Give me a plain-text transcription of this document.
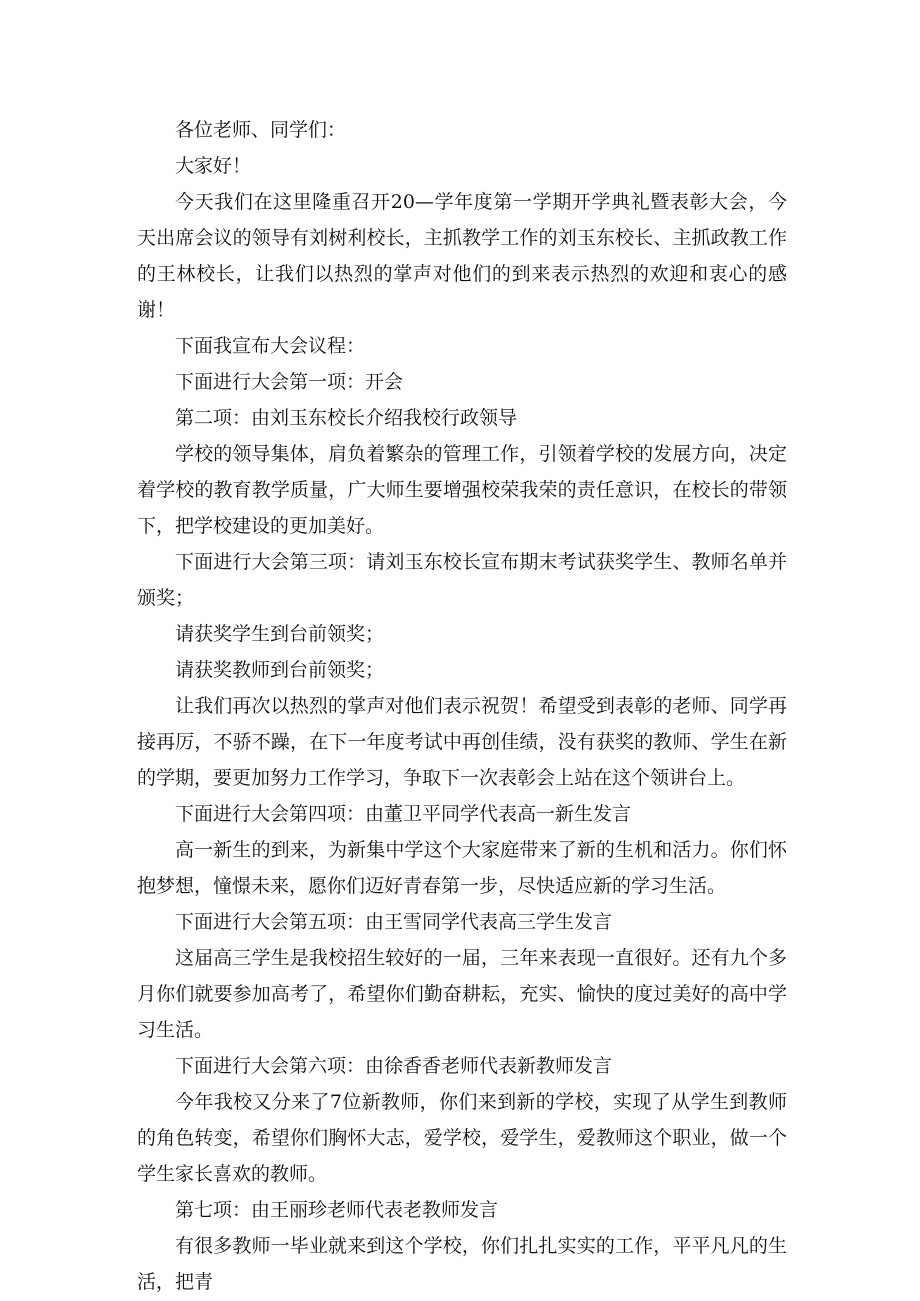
各位老师、同学们：

大家好！

今天我们在这里隆重召开20—学年度第一学期开学典礼暨表彰大会，今天出席会议的领导有刘树利校长，主抓教学工作的刘玉东校长、主抓政教工作的王林校长，让我们以热烈的掌声对他们的到来表示热烈的欢迎和衷心的感谢！

下面我宣布大会议程：

下面进行大会第一项：开会

第二项：由刘玉东校长介绍我校行政领导

学校的领导集体，肩负着繁杂的管理工作，引领着学校的发展方向，决定着学校的教育教学质量，广大师生要增强校荣我荣的责任意识，在校长的带领下，把学校建设的更加美好。

下面进行大会第三项：请刘玉东校长宣布期末考试获奖学生、教师名单并颁奖；

请获奖学生到台前领奖；

请获奖教师到台前领奖；

让我们再次以热烈的掌声对他们表示祝贺！希望受到表彰的老师、同学再接再厉，不骄不躁，在下一年度考试中再创佳绩，没有获奖的教师、学生在新的学期，要更加努力工作学习，争取下一次表彰会上站在这个领讲台上。

下面进行大会第四项：由董卫平同学代表高一新生发言

高一新生的到来，为新集中学这个大家庭带来了新的生机和活力。你们怀抱梦想，憧憬未来，愿你们迈好青春第一步，尽快适应新的学习生活。

下面进行大会第五项：由王雪同学代表高三学生发言

这届高三学生是我校招生较好的一届，三年来表现一直很好。还有九个多月你们就要参加高考了，希望你们勤奋耕耘，充实、愉快的度过美好的高中学习生活。

下面进行大会第六项：由徐香香老师代表新教师发言

今年我校又分来了7位新教师，你们来到新的学校，实现了从学生到教师的角色转变，希望你们胸怀大志，爱学校，爱学生，爱教师这个职业，做一个学生家长喜欢的教师。

第七项：由王丽珍老师代表老教师发言

有很多教师一毕业就来到这个学校，你们扎扎实实的工作，平平凡凡的生活，把青
